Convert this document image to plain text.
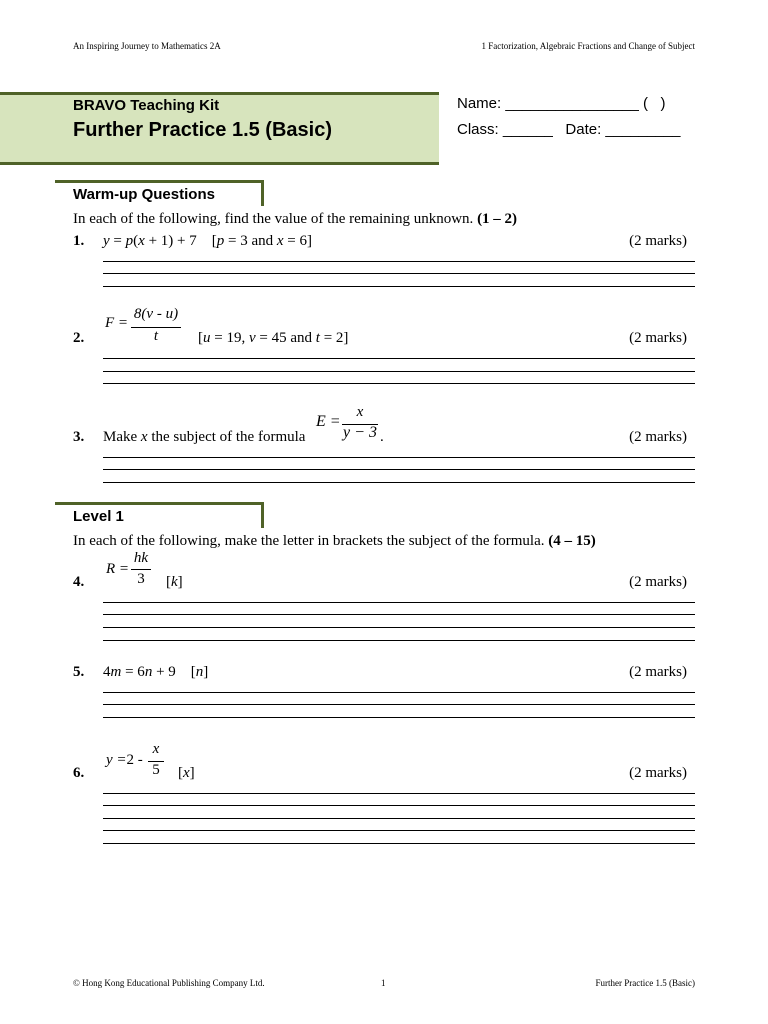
An Inspiring Journey to Mathematics 2A	1 Factorization, Algebraic Fractions and Change of Subject
BRAVO Teaching Kit
Further Practice 1.5 (Basic)
Name: ________________ (   )
Class: ______   Date: _________
Warm-up Questions
In each of the following, find the value of the remaining unknown. (1 – 2)
1. y = p(x + 1) + 7    [p = 3 and x = 6]	(2 marks)
F =
8(v - u)
t
2.	[u = 19, v = 45 and t = 2]	(2 marks)
3. Make x the subject of the formula
E =
x
y − 3 .	(2 marks)
Level 1
In each of the following, make the letter in brackets the subject of the formula. (4 – 15)
R =
hk
3
4.	[k]	(2 marks)
5. 4m = 6n + 9    [n]	(2 marks)
y =2 -
x
5
6.	[x]	(2 marks)
© Hong Kong Educational Publishing Company Ltd.	1	Further Practice 1.5 (Basic)
